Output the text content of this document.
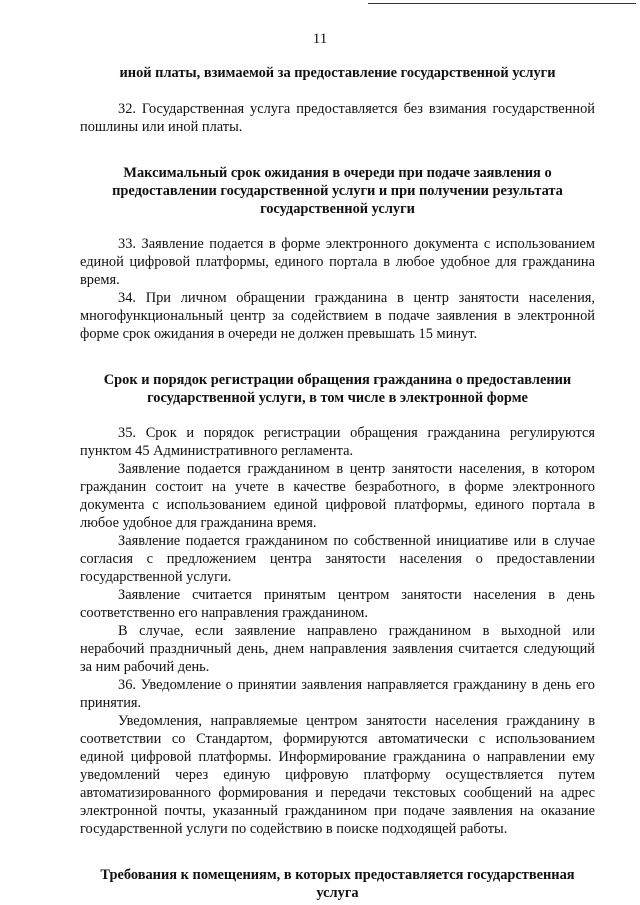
11

иной платы, взимаемой за предоставление государственной услуги

32. Государственная услуга предоставляется без взимания государственной пошлины или иной платы.

Максимальный срок ожидания в очереди при подаче заявления о предоставлении государственной услуги и при получении результата государственной услуги

33. Заявление подается в форме электронного документа с использованием единой цифровой платформы, единого портала в любое удобное для гражданина время.

34. При личном обращении гражданина в центр занятости населения, многофункциональный центр за содействием в подаче заявления в электронной форме срок ожидания в очереди не должен превышать 15 минут.

Срок и порядок регистрации обращения гражданина о предоставлении государственной услуги, в том числе в электронной форме

35. Срок и порядок регистрации обращения гражданина регулируются пунктом 45 Административного регламента.

Заявление подается гражданином в центр занятости населения, в котором гражданин состоит на учете в качестве безработного, в форме электронного документа с использованием единой цифровой платформы, единого портала в любое удобное для гражданина время.

Заявление подается гражданином по собственной инициативе или в случае согласия с предложением центра занятости населения о предоставлении государственной услуги.

Заявление считается принятым центром занятости населения в день соответственно его направления гражданином.

В случае, если заявление направлено гражданином в выходной или нерабочий праздничный день, днем направления заявления считается следующий за ним рабочий день.

36. Уведомление о принятии заявления направляется гражданину в день его принятия.

Уведомления, направляемые центром занятости населения гражданину в соответствии со Стандартом, формируются автоматически с использованием единой цифровой платформы. Информирование гражданина о направлении ему уведомлений через единую цифровую платформу осуществляется путем автоматизированного формирования и передачи текстовых сообщений на адрес электронной почты, указанный гражданином при подаче заявления на оказание государственной услуги по содействию в поиске подходящей работы.

Требования к помещениям, в которых предоставляется государственная услуга
